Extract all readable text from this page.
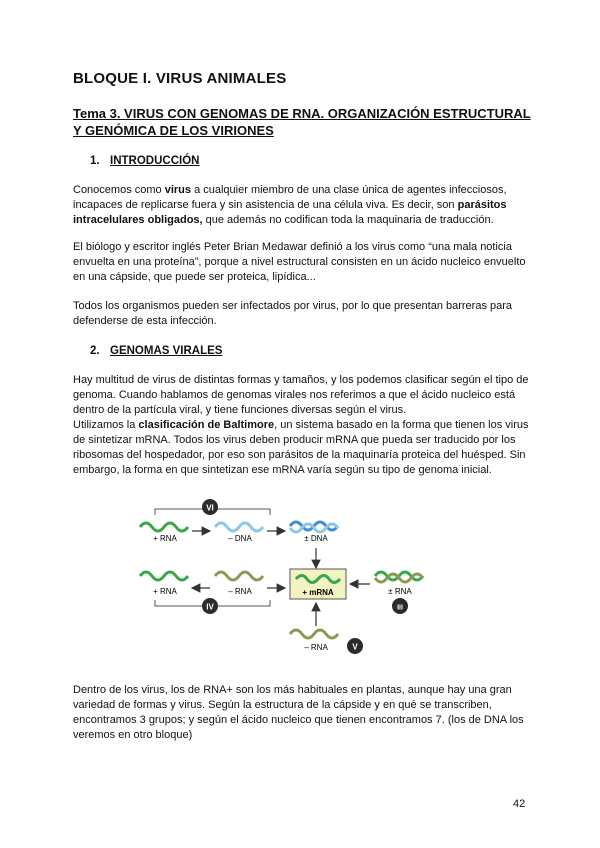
BLOQUE I. VIRUS ANIMALES
Tema 3. VIRUS CON GENOMAS DE RNA. ORGANIZACIÓN ESTRUCTURAL Y GENÓMICA DE LOS VIRIONES
1. INTRODUCCIÓN
Conocemos como virus a cualquier miembro de una clase única de agentes infecciosos, incapaces de replicarse fuera y sin asistencia de una célula viva. Es decir, son parásitos intracelulares obligados, que además no codifican toda la maquinaria de traducción.
El biólogo y escritor inglés Peter Brian Medawar definió a los virus como “una mala noticia envuelta en una proteína”, porque a nivel estructural consisten en un ácido nucleico envuelto en una cápside, que puede ser proteica, lipídica...
Todos los organismos pueden ser infectados por virus, por lo que presentan barreras para defenderse de esta infección.
2. GENOMAS VIRALES
Hay multitud de virus de distintas formas y tamaños, y los podemos clasificar según el tipo de genoma. Cuando hablamos de genomas virales nos referimos a que el ácido nucleico está dentro de la partícula viral, y tiene funciones diversas según el virus.
Utilizamos la clasificación de Baltimore, un sistema basado en la forma que tienen los virus de sintetizar mRNA. Todos los virus deben producir mRNA que pueda ser traducido por los ribosomas del hospedador, por eso son parásitos de la maquinaría proteica del huésped. Sin embargo, la forma en que sintetizan ese mRNA varía según su tipo de genoma inicial.
VI
+ RNA	– DNA	± DNA
+ RNA	– RNA	+ mRNA
IV
± RNA
III
– RNA	V
Dentro de los virus, los de RNA+ son los más habituales en plantas, aunque hay una gran variedad de formas y virus. Según la estructura de la cápside y en qué se transcriben, encontramos 3 grupos; y según el ácido nucleico que tienen encontramos 7. (los de DNA los veremos en otro bloque)
42
